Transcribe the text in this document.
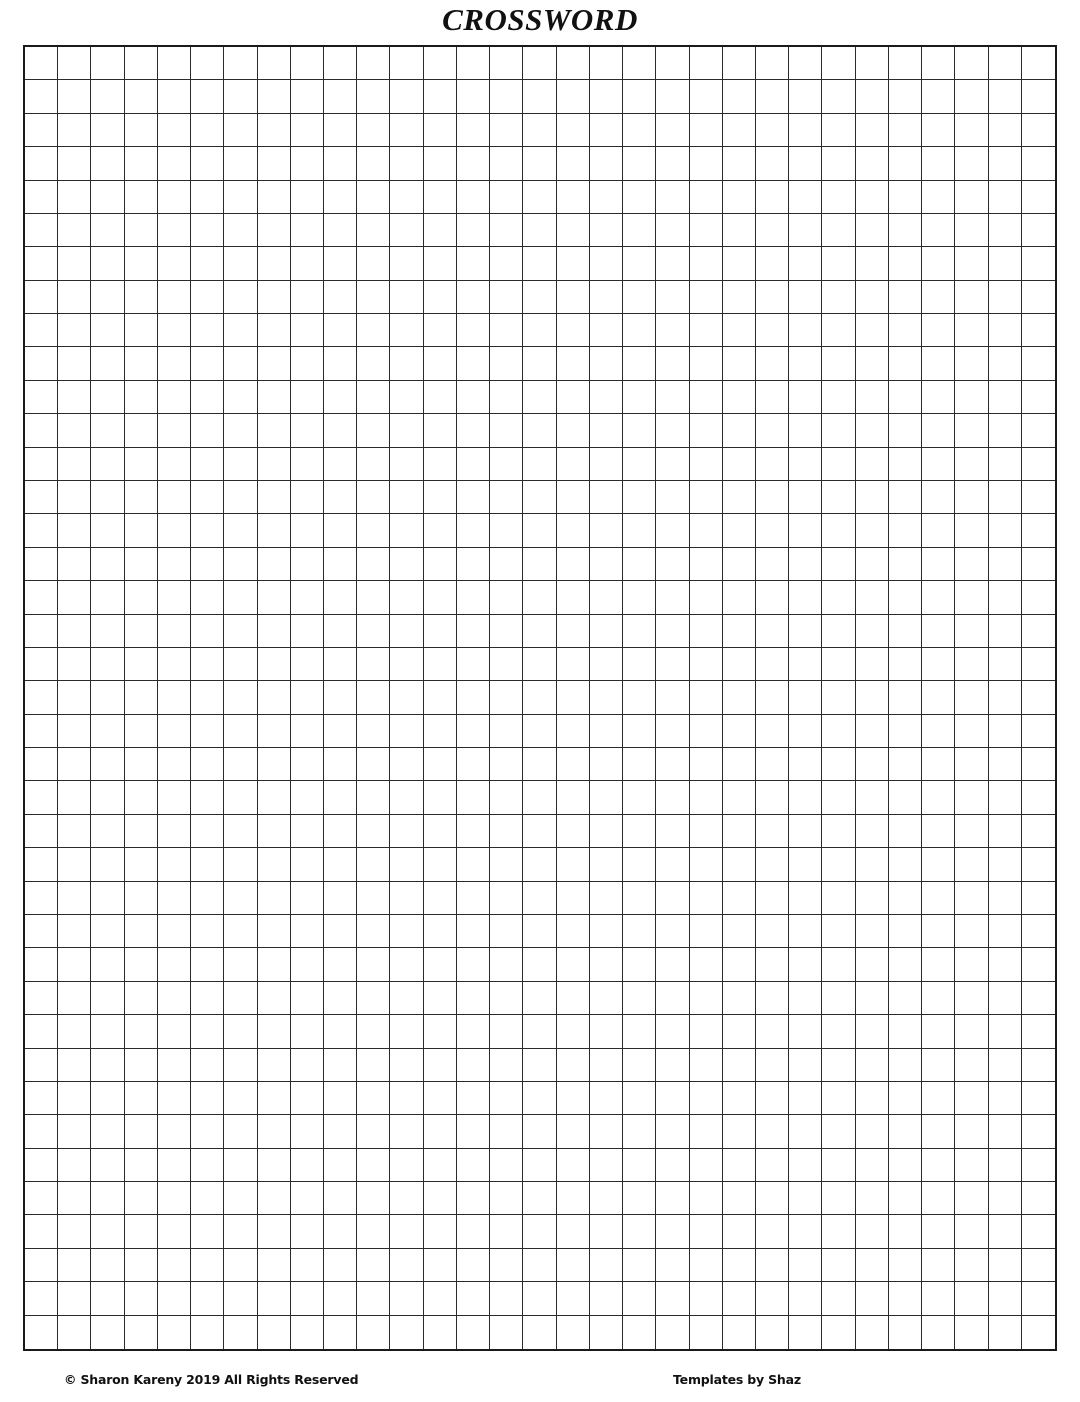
CROSSWORD
© Sharon Kareny 2019 All Rights Reserved	Templates by Shaz
